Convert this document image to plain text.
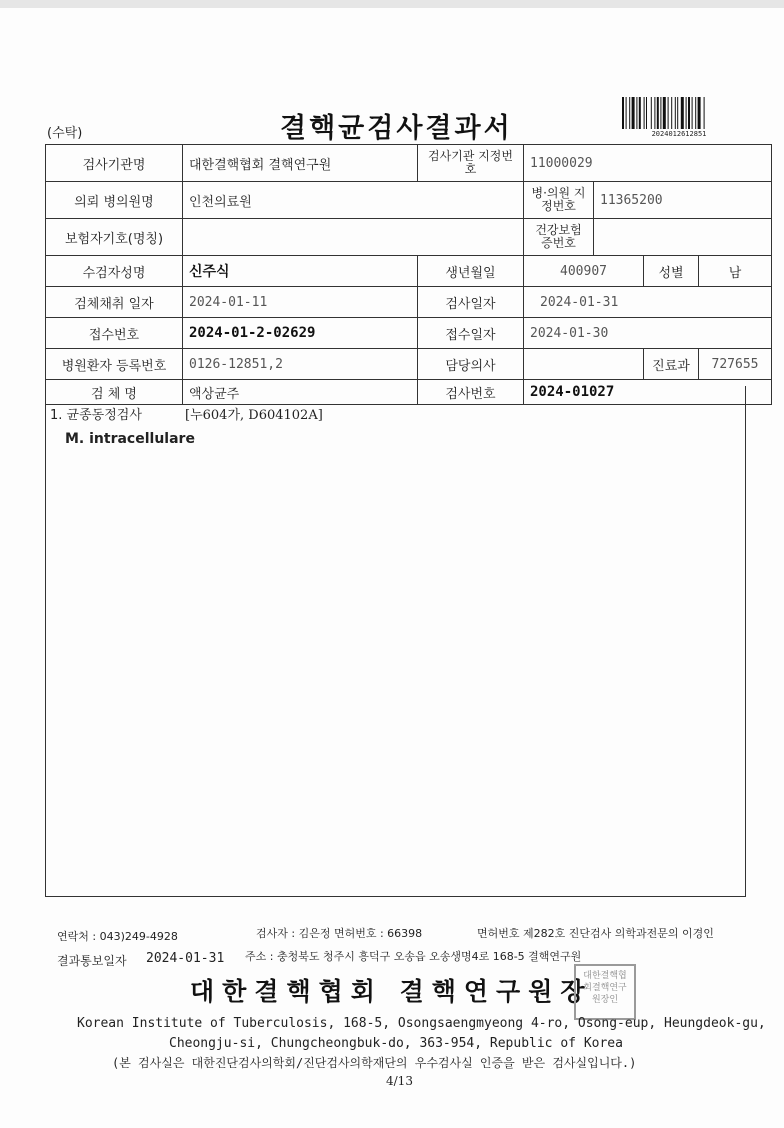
(수탁)	결핵균검사결과서	2024012612851
검사기관명	대한결핵협회 결핵연구원	검사기관 지정번호	11000029			
의뢰 병의원명	인천의료원		병·의원 지정번호	11365200		
보험자기호(명칭)			건강보험 증번호			
수검자성명	신주식	생년월일	400907		성별	남
검체채취 일자	2024-01-11	검사일자	2024-01-31			
접수번호	2024-01-2-02629	접수일자	2024-01-30			
병원환자 등록번호	0126-12851,2	담당의사			진료과	727655
검 체 명	액상균주	검사번호	2024-01027			
1. 균종동정검사	[누604가, D604102A]
M. intracellulare
연락처 : 043)249-4928	검사자 : 김은정 면허번호 : 66398	면허번호 제282호 진단검사 의학과전문의 이경인
결과통보일자 2024-01-31 주소 : 충청북도 청주시 흥덕구 오송읍 오송생명4로 168-5 결핵연구원
대한결핵협회 결핵연구원장
대한결핵협회결핵연구원장인
Korean Institute of Tuberculosis, 168-5, Osongsaengmyeong 4-ro, Osong-eup, Heungdeok-gu,
Cheongju-si, Chungcheongbuk-do, 363-954, Republic of Korea
(본 검사실은 대한진단검사의학회/진단검사의학재단의 우수검사실 인증을 받은 검사실입니다.)
4/13
